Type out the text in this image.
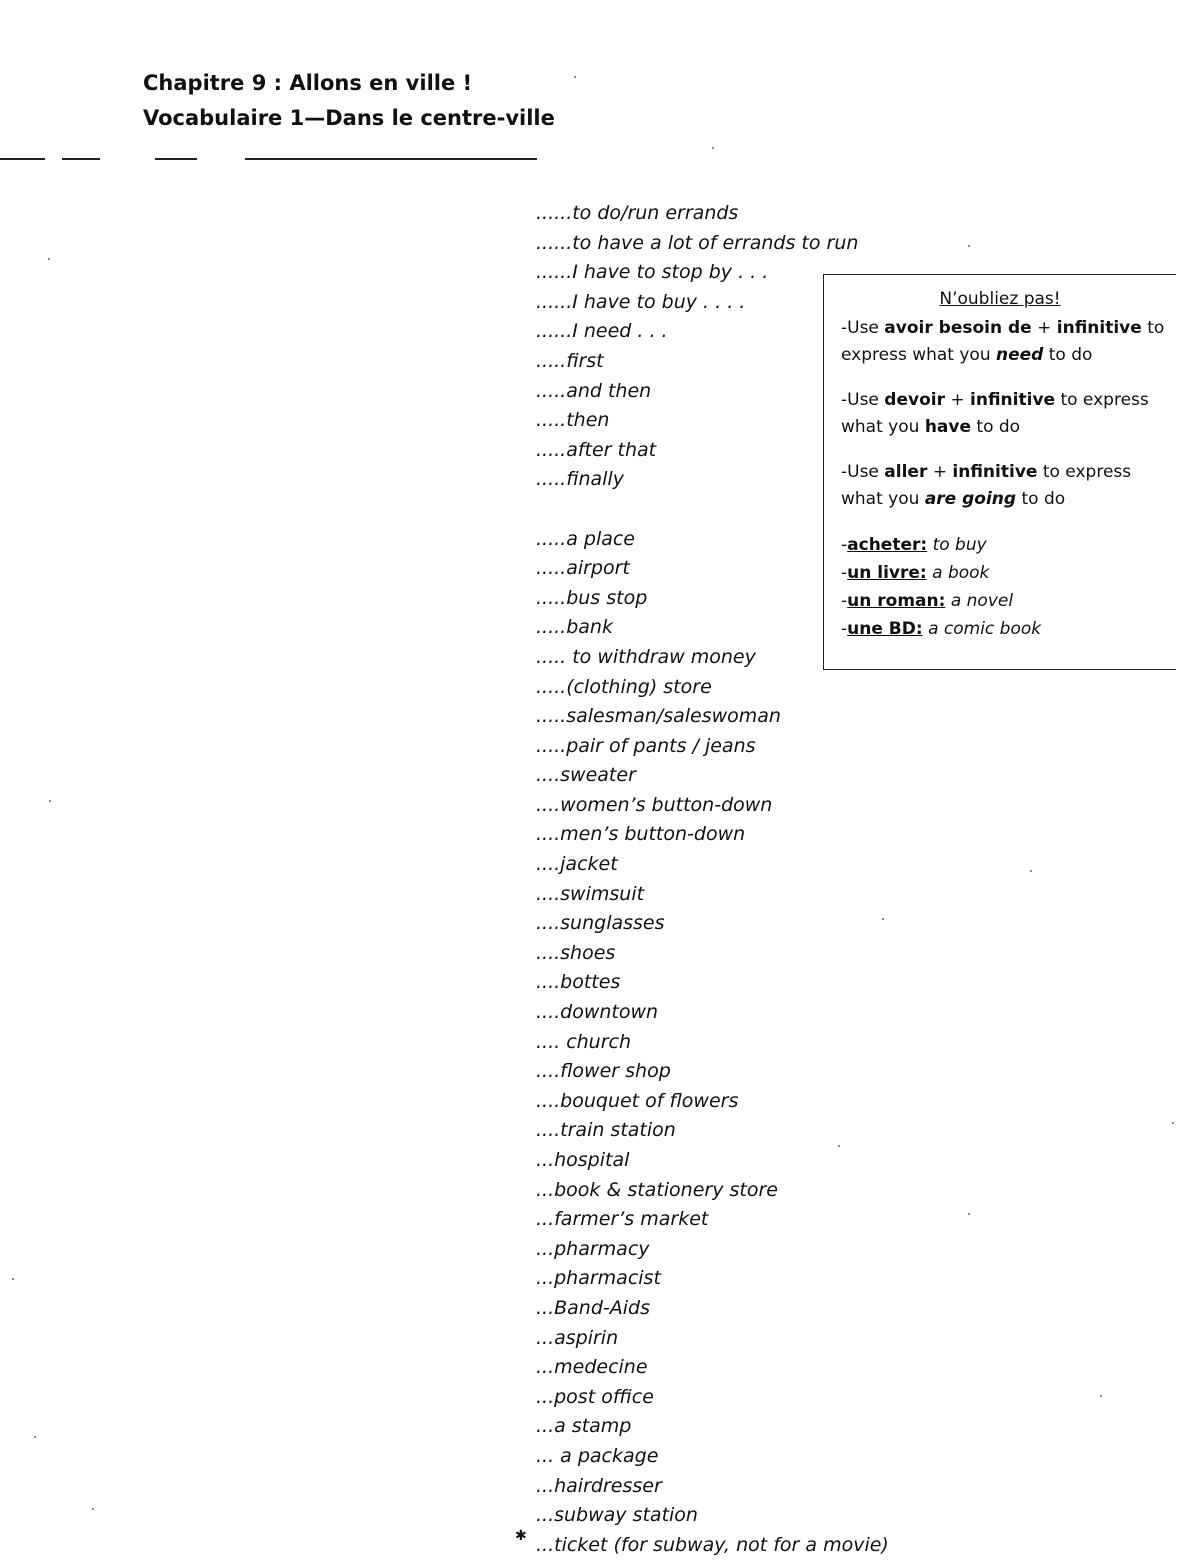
Chapitre 9 : Allons en ville !
Vocabulaire 1—Dans le centre-ville
......to do/run errands
......to have a lot of errands to run
......I have to stop by . . .
......I have to buy . . . .
......I need . . .
.....first
.....and then
.....then
.....after that
.....finally
.....a place
.....airport
.....bus stop
.....bank
..... to withdraw money
.....(clothing) store
.....salesman/saleswoman
.....pair of pants / jeans
....sweater
....women’s button-down
....men’s button-down
....jacket
....swimsuit
....sunglasses
....shoes
....bottes
....downtown
.... church
....flower shop
....bouquet of flowers
....train station
...hospital
...book & stationery store
...farmer’s market
...pharmacy
...pharmacist
...Band-Aids
...aspirin
...medecine
...post office
...a stamp
... a package
...hairdresser
...subway station
...ticket (for subway, not for a movie)
N’oubliez pas!

-Use avoir besoin de + infinitive to express what you need to do

-Use devoir + infinitive to express what you have to do

-Use aller + infinitive to express what you are going to do

-acheter: to buy

-un livre: a book

-un roman: a novel

-une BD: a comic book

✱
